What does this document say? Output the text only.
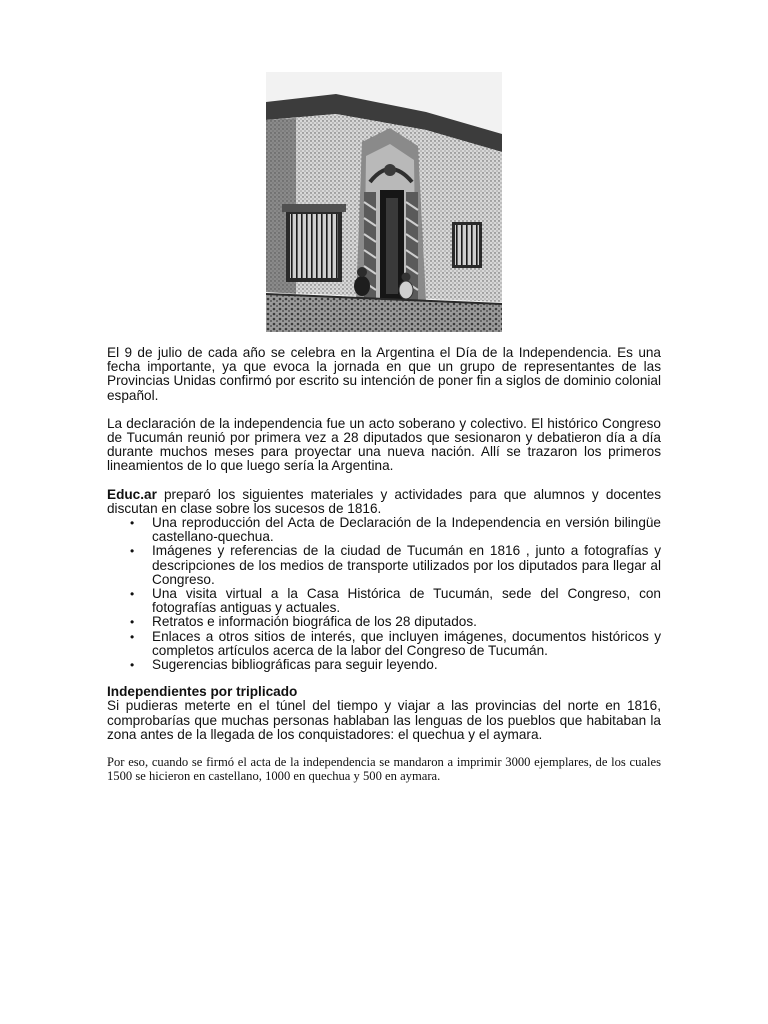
El 9 de julio de cada año se celebra en la Argentina el Día de la Independencia. Es una fecha importante, ya que evoca la jornada en que un grupo de representantes de las Provincias Unidas confirmó por escrito su intención de poner fin a siglos de dominio colonial español.

La declaración de la independencia fue un acto soberano y colectivo. El histórico Congreso de Tucumán reunió por primera vez a 28 diputados que sesionaron y debatieron día a día durante muchos meses para proyectar una nueva nación. Allí se trazaron los primeros lineamientos de lo que luego sería la Argentina.

Educ.ar preparó los siguientes materiales y actividades para que alumnos y docentes discutan en clase sobre los sucesos de 1816.

• Una reproducción del Acta de Declaración de la Independencia en versión bilingüe castellano-quechua.
• Imágenes y referencias de la ciudad de Tucumán en 1816 , junto a fotografías y descripciones de los medios de transporte utilizados por los diputados para llegar al Congreso.
• Una visita virtual a la Casa Histórica de Tucumán, sede del Congreso, con fotografías antiguas y actuales.
• Retratos e información biográfica de los 28 diputados.
• Enlaces a otros sitios de interés, que incluyen imágenes, documentos históricos y completos artículos acerca de la labor del Congreso de Tucumán.
• Sugerencias bibliográficas para seguir leyendo.
Independientes por triplicado

Si pudieras meterte en el túnel del tiempo y viajar a las provincias del norte en 1816, comprobarías que muchas personas hablaban las lenguas de los pueblos que habitaban la zona antes de la llegada de los conquistadores: el quechua y el aymara.

Por eso, cuando se firmó el acta de la independencia se mandaron a imprimir 3000 ejemplares, de los cuales 1500 se hicieron en castellano, 1000 en quechua y 500 en aymara.
